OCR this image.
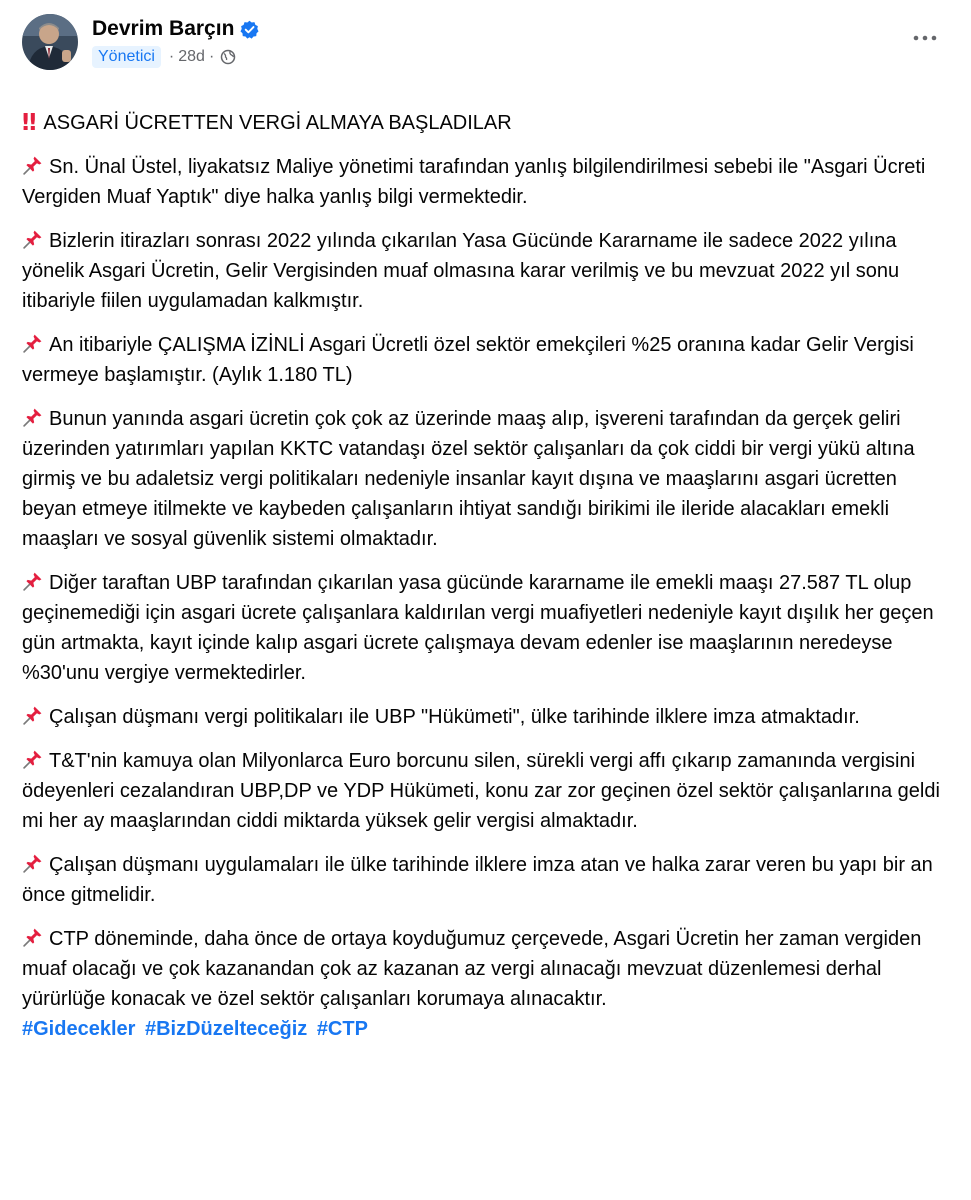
Devrim Barçın
Yönetici · 28d ·
‼ ASGARİ ÜCRETTEN VERGİ ALMAYA BAŞLADILAR
Sn. Ünal Üstel, liyakatsız Maliye yönetimi tarafından yanlış bilgilendirilmesi sebebi ile "Asgari Ücreti Vergiden Muaf Yaptık" diye halka yanlış bilgi vermektedir.
Bizlerin itirazları sonrası 2022 yılında çıkarılan Yasa Gücünde Kararname ile sadece 2022 yılına yönelik Asgari Ücretin, Gelir Vergisinden muaf olmasına karar verilmiş ve bu mevzuat 2022 yıl sonu itibariyle fiilen uygulamadan kalkmıştır.
An itibariyle ÇALIŞMA İZİNLİ Asgari Ücretli özel sektör emekçileri %25 oranına kadar Gelir Vergisi vermeye başlamıştır. (Aylık 1.180 TL)
Bunun yanında asgari ücretin çok çok az üzerinde maaş alıp, işvereni tarafından da gerçek geliri üzerinden yatırımları yapılan KKTC vatandaşı özel sektör çalışanları da çok ciddi bir vergi yükü altına girmiş ve bu adaletsiz vergi politikaları nedeniyle insanlar kayıt dışına ve maaşlarını asgari ücretten beyan etmeye itilmekte ve kaybeden çalışanların ihtiyat sandığı birikimi ile ileride alacakları emekli maaşları ve sosyal güvenlik sistemi olmaktadır.
Diğer taraftan UBP tarafından çıkarılan yasa gücünde kararname ile emekli maaşı 27.587 TL olup geçinemediği için asgari ücrete çalışanlara kaldırılan vergi muafiyetleri nedeniyle kayıt dışılık her geçen gün artmakta, kayıt içinde kalıp asgari ücrete çalışmaya devam edenler ise maaşlarının neredeyse %30'unu vergiye vermektedirler.
Çalışan düşmanı vergi politikaları ile UBP "Hükümeti", ülke tarihinde ilklere imza atmaktadır.
T&T'nin kamuya olan Milyonlarca Euro borcunu silen, sürekli vergi affı çıkarıp zamanında vergisini ödeyenleri cezalandıran UBP,DP ve YDP Hükümeti, konu zar zor geçinen özel sektör çalışanlarına geldi mi her ay maaşlarından ciddi miktarda yüksek gelir vergisi almaktadır.
Çalışan düşmanı uygulamaları ile ülke tarihinde ilklere imza atan ve halka zarar veren bu yapı bir an önce gitmelidir.
CTP döneminde, daha önce de ortaya koyduğumuz çerçevede, Asgari Ücretin her zaman vergiden muaf olacağı ve çok kazanandan çok az kazanan az vergi alınacağı mevzuat düzenlemesi derhal yürürlüğe konacak ve özel sektör çalışanları korumaya alınacaktır.
#Gidecekler #BizDüzelteceğiz #CTP
